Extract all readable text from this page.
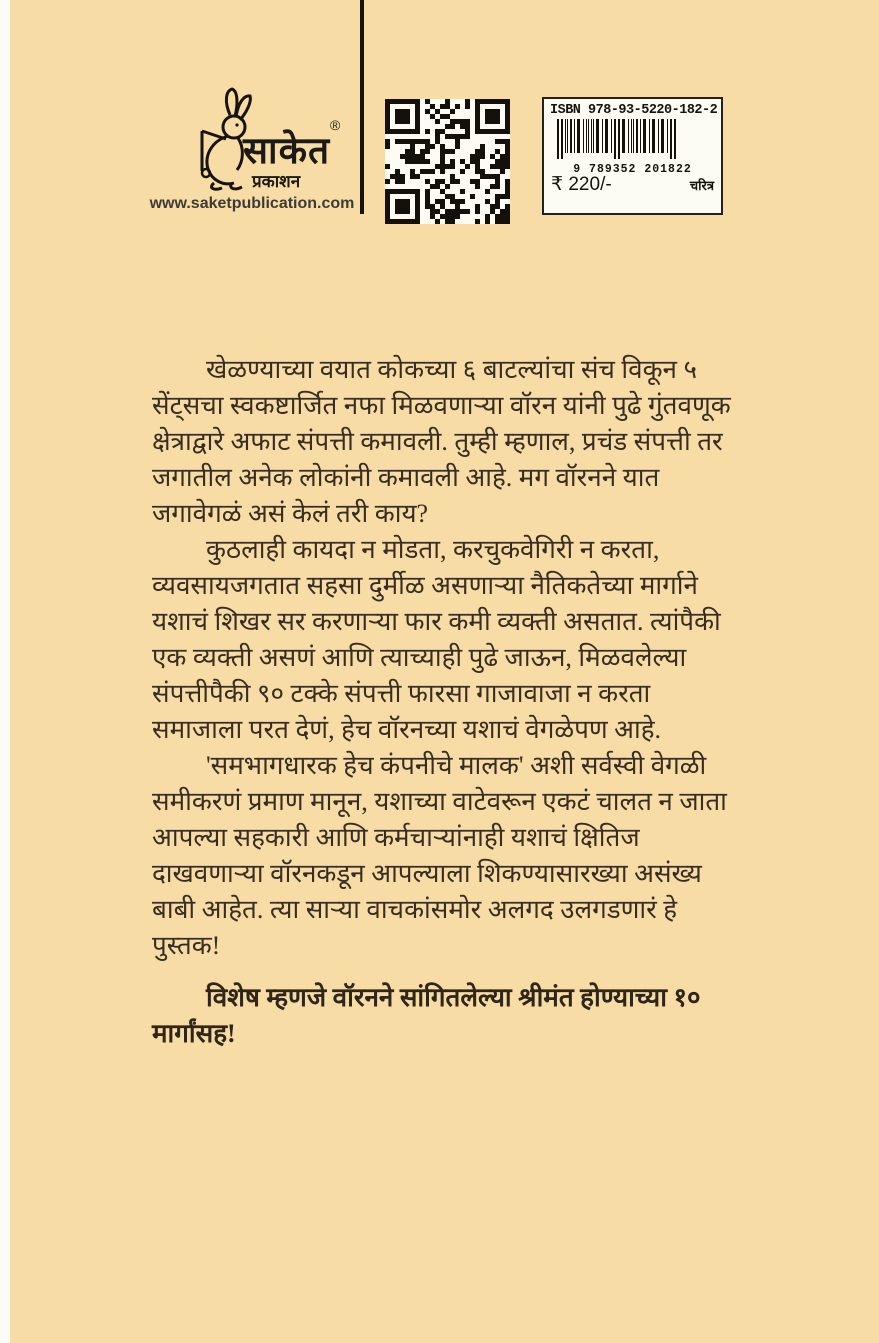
साकेत
®
प्रकाशन
www.saketpublication.com
ISBN 978-93-5220-182-2
9 789352 201822
₹ 220/-	चरित्र

खेळण्याच्या वयात कोकच्या ६ बाटल्यांचा संच विकून ५ सेंट्सचा स्वकष्टार्जित नफा मिळवणाऱ्या वॉरन यांनी पुढे गुंतवणूक क्षेत्राद्वारे अफाट संपत्ती कमावली. तुम्ही म्हणाल, प्रचंड संपत्ती तर जगातील अनेक लोकांनी कमावली आहे. मग वॉरनने यात जगावेगळं असं केलं तरी काय?

कुठलाही कायदा न मोडता, करचुकवेगिरी न करता, व्यवसायजगतात सहसा दुर्मीळ असणाऱ्या नैतिकतेच्या मार्गाने यशाचं शिखर सर करणाऱ्या फार कमी व्यक्ती असतात. त्यांपैकी एक व्यक्ती असणं आणि त्याच्याही पुढे जाऊन, मिळवलेल्या संपत्तीपैकी ९० टक्के संपत्ती फारसा गाजावाजा न करता समाजाला परत देणं, हेच वॉरनच्या यशाचं वेगळेपण आहे.

'समभागधारक हेच कंपनीचे मालक' अशी सर्वस्वी वेगळी समीकरणं प्रमाण मानून, यशाच्या वाटेवरून एकटं चालत न जाता आपल्या सहकारी आणि कर्मचाऱ्यांनाही यशाचं क्षितिज दाखवणाऱ्या वॉरनकडून आपल्याला शिकण्यासारख्या असंख्य बाबी आहेत. त्या साऱ्या वाचकांसमोर अलगद उलगडणारं हे पुस्तक!

विशेष म्हणजे वॉरनने सांगितलेल्या श्रीमंत होण्याच्या १० मार्गांसह!
